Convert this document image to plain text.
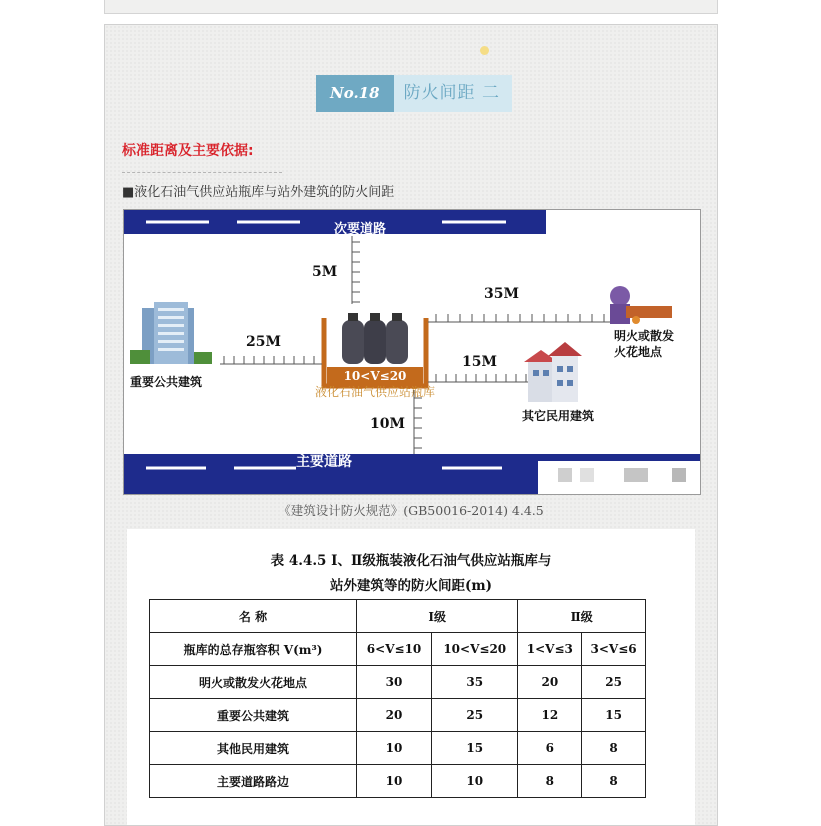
No.18	防火间距 二
标准距离及主要依据:
■液化石油气供应站瓶库与站外建筑的防火间距
次要道路
主要道路
10<V≤20
液化石油气供应站瓶库
5M
10M
25M
35M
15M
重要公共建筑
明火或散发
火花地点
其它民用建筑
《建筑设计防火规范》(GB50016-2014) 4.4.5
表 4.4.5 Ⅰ、Ⅱ级瓶装液化石油气供应站瓶库与
站外建筑等的防火间距(m)
名 称	Ⅰ级		Ⅱ级	
瓶库的总存瓶容积 V(m³)	6<V≤10	10<V≤20	1<V≤3	3<V≤6
明火或散发火花地点	30	35	20	25
重要公共建筑	20	25	12	15
其他民用建筑	10	15	6	8
主要道路路边	10	10	8	8
